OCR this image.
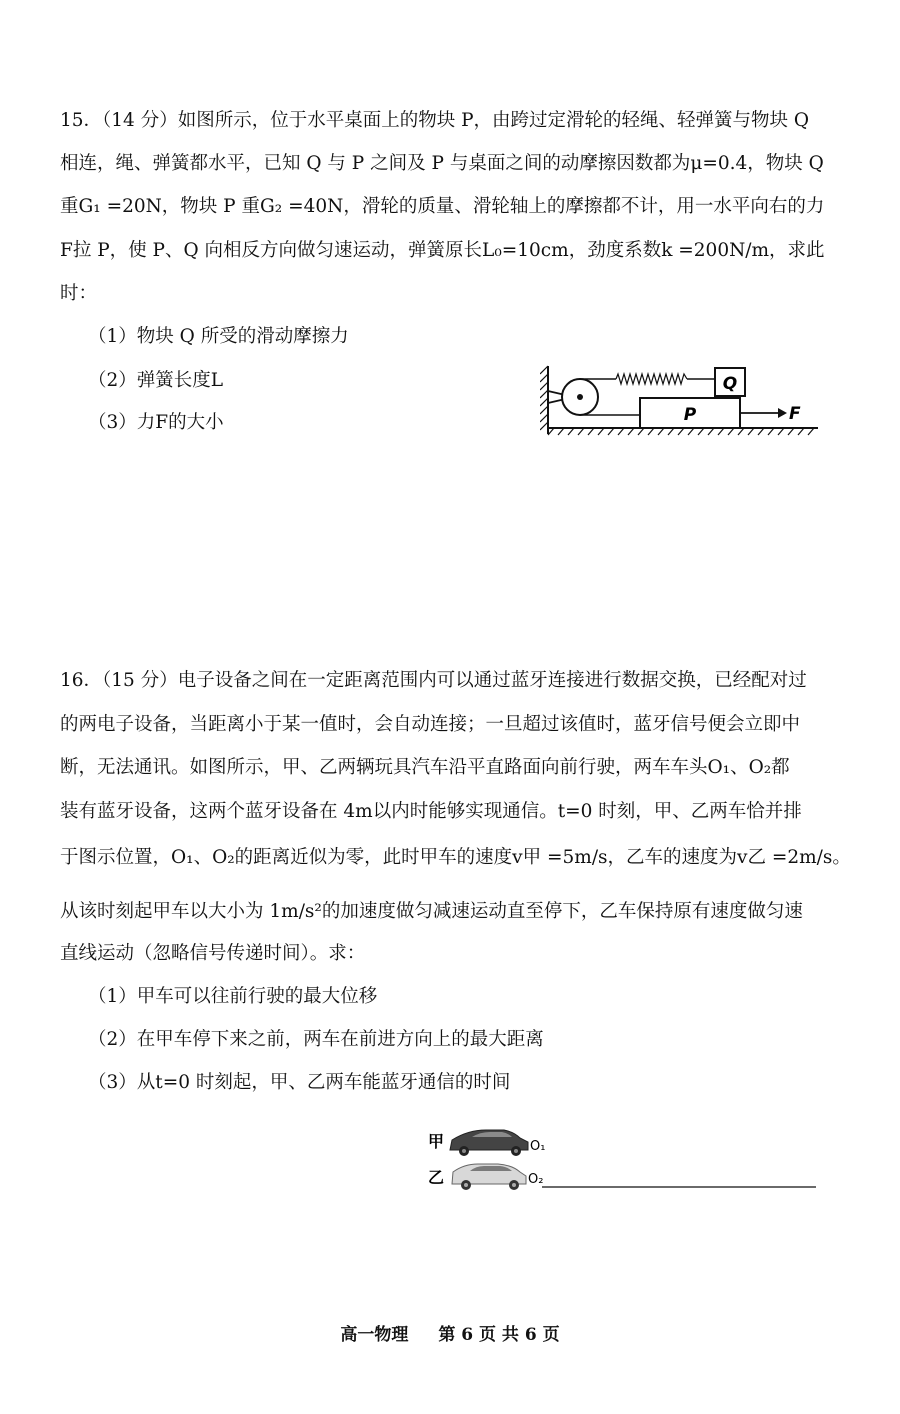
15．（14 分）如图所示，位于水平桌面上的物块 P，由跨过定滑轮的轻绳、轻弹簧与物块 Q
相连，绳、弹簧都水平，已知 Q 与 P 之间及 P 与桌面之间的动摩擦因数都为μ=0.4，物块 Q
重G₁ =20N，物块 P 重G₂ =40N，滑轮的质量、滑轮轴上的摩擦都不计，用一水平向右的力
F拉 P，使 P、Q 向相反方向做匀速运动，弹簧原长L₀=10cm，劲度系数k =200N/m，求此
时：
（1）物块 Q 所受的滑动摩擦力
（2）弹簧长度L
（3）力F的大小
Q
P	F
16．（15 分）电子设备之间在一定距离范围内可以通过蓝牙连接进行数据交换，已经配对过
的两电子设备，当距离小于某一值时，会自动连接；一旦超过该值时，蓝牙信号便会立即中
断，无法通讯。如图所示，甲、乙两辆玩具汽车沿平直路面向前行驶，两车车头O₁、O₂都
装有蓝牙设备，这两个蓝牙设备在 4m以内时能够实现通信。t=0 时刻，甲、乙两车恰并排
于图示位置，O₁、O₂的距离近似为零，此时甲车的速度v甲 =5m/s，乙车的速度为v乙 =2m/s。
从该时刻起甲车以大小为 1m/s²的加速度做匀减速运动直至停下，乙车保持原有速度做匀速
直线运动（忽略信号传递时间）。求：
（1）甲车可以往前行驶的最大位移
（2）在甲车停下来之前，两车在前进方向上的最大距离
（3）从t=0 时刻起，甲、乙两车能蓝牙通信的时间
甲	O₁
乙	O₂
高一物理 第 6 页 共 6 页
